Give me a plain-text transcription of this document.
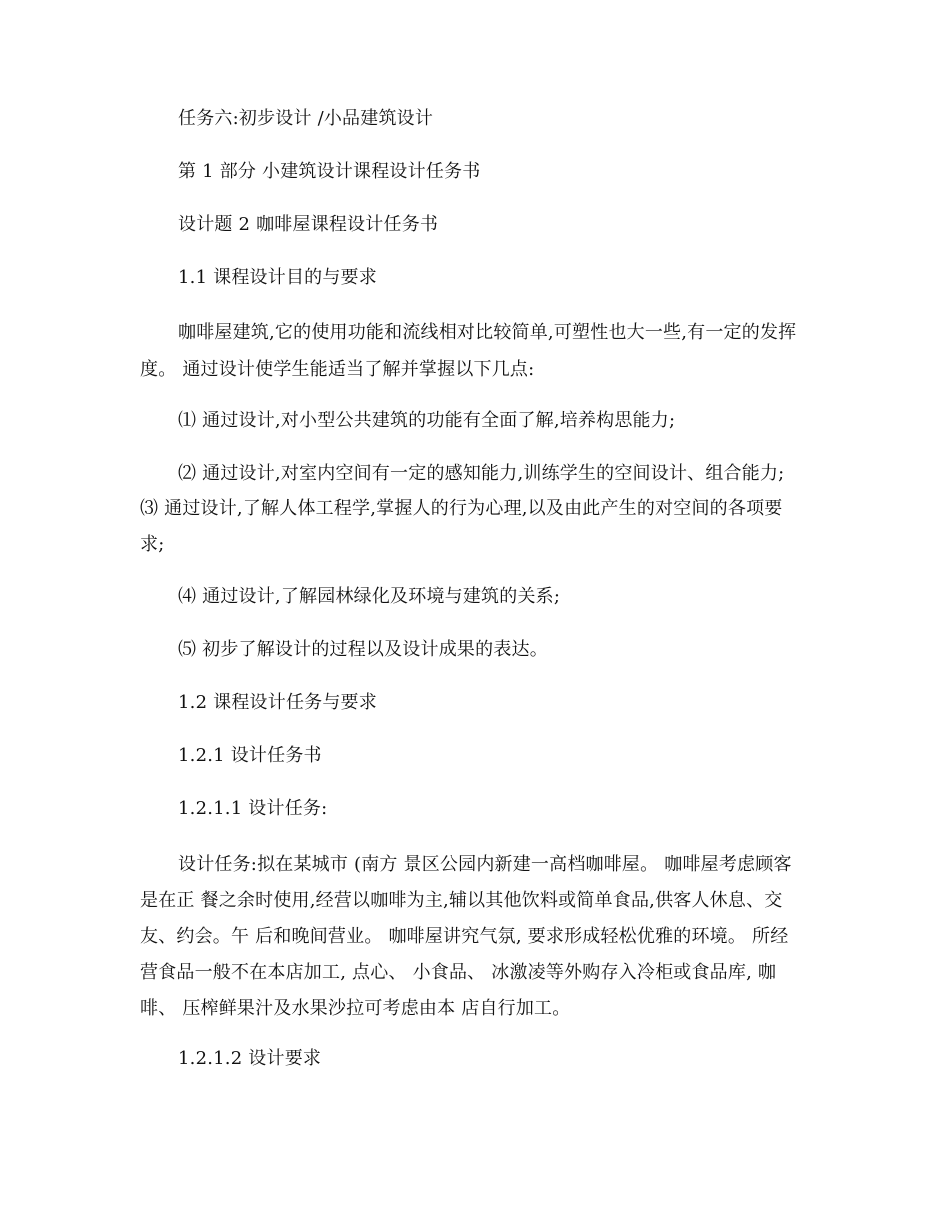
任务六:初步设计 /小品建筑设计
第 1 部分 小建筑设计课程设计任务书
设计题 2 咖啡屋课程设计任务书
1.1 课程设计目的与要求
咖啡屋建筑,它的使用功能和流线相对比较简单,可塑性也大一些,有一定的发挥
度。 通过设计使学生能适当了解并掌握以下几点:
⑴ 通过设计,对小型公共建筑的功能有全面了解,培养构思能力;
⑵ 通过设计,对室内空间有一定的感知能力,训练学生的空间设计、组合能力;
⑶ 通过设计,了解人体工程学,掌握人的行为心理,以及由此产生的对空间的各项要
求;
⑷ 通过设计,了解园林绿化及环境与建筑的关系;
⑸ 初步了解设计的过程以及设计成果的表达。
1.2 课程设计任务与要求
1.2.1 设计任务书
1.2.1.1 设计任务:
设计任务:拟在某城市 (南方 景区公园内新建一高档咖啡屋。 咖啡屋考虑顾客
是在正 餐之余时使用,经营以咖啡为主,辅以其他饮料或简单食品,供客人休息、交
友、约会。午 后和晚间营业。 咖啡屋讲究气氛, 要求形成轻松优雅的环境。 所经
营食品一般不在本店加工, 点心、 小食品、 冰激凌等外购存入冷柜或食品库, 咖
啡、 压榨鲜果汁及水果沙拉可考虑由本 店自行加工。
1.2.1.2 设计要求
